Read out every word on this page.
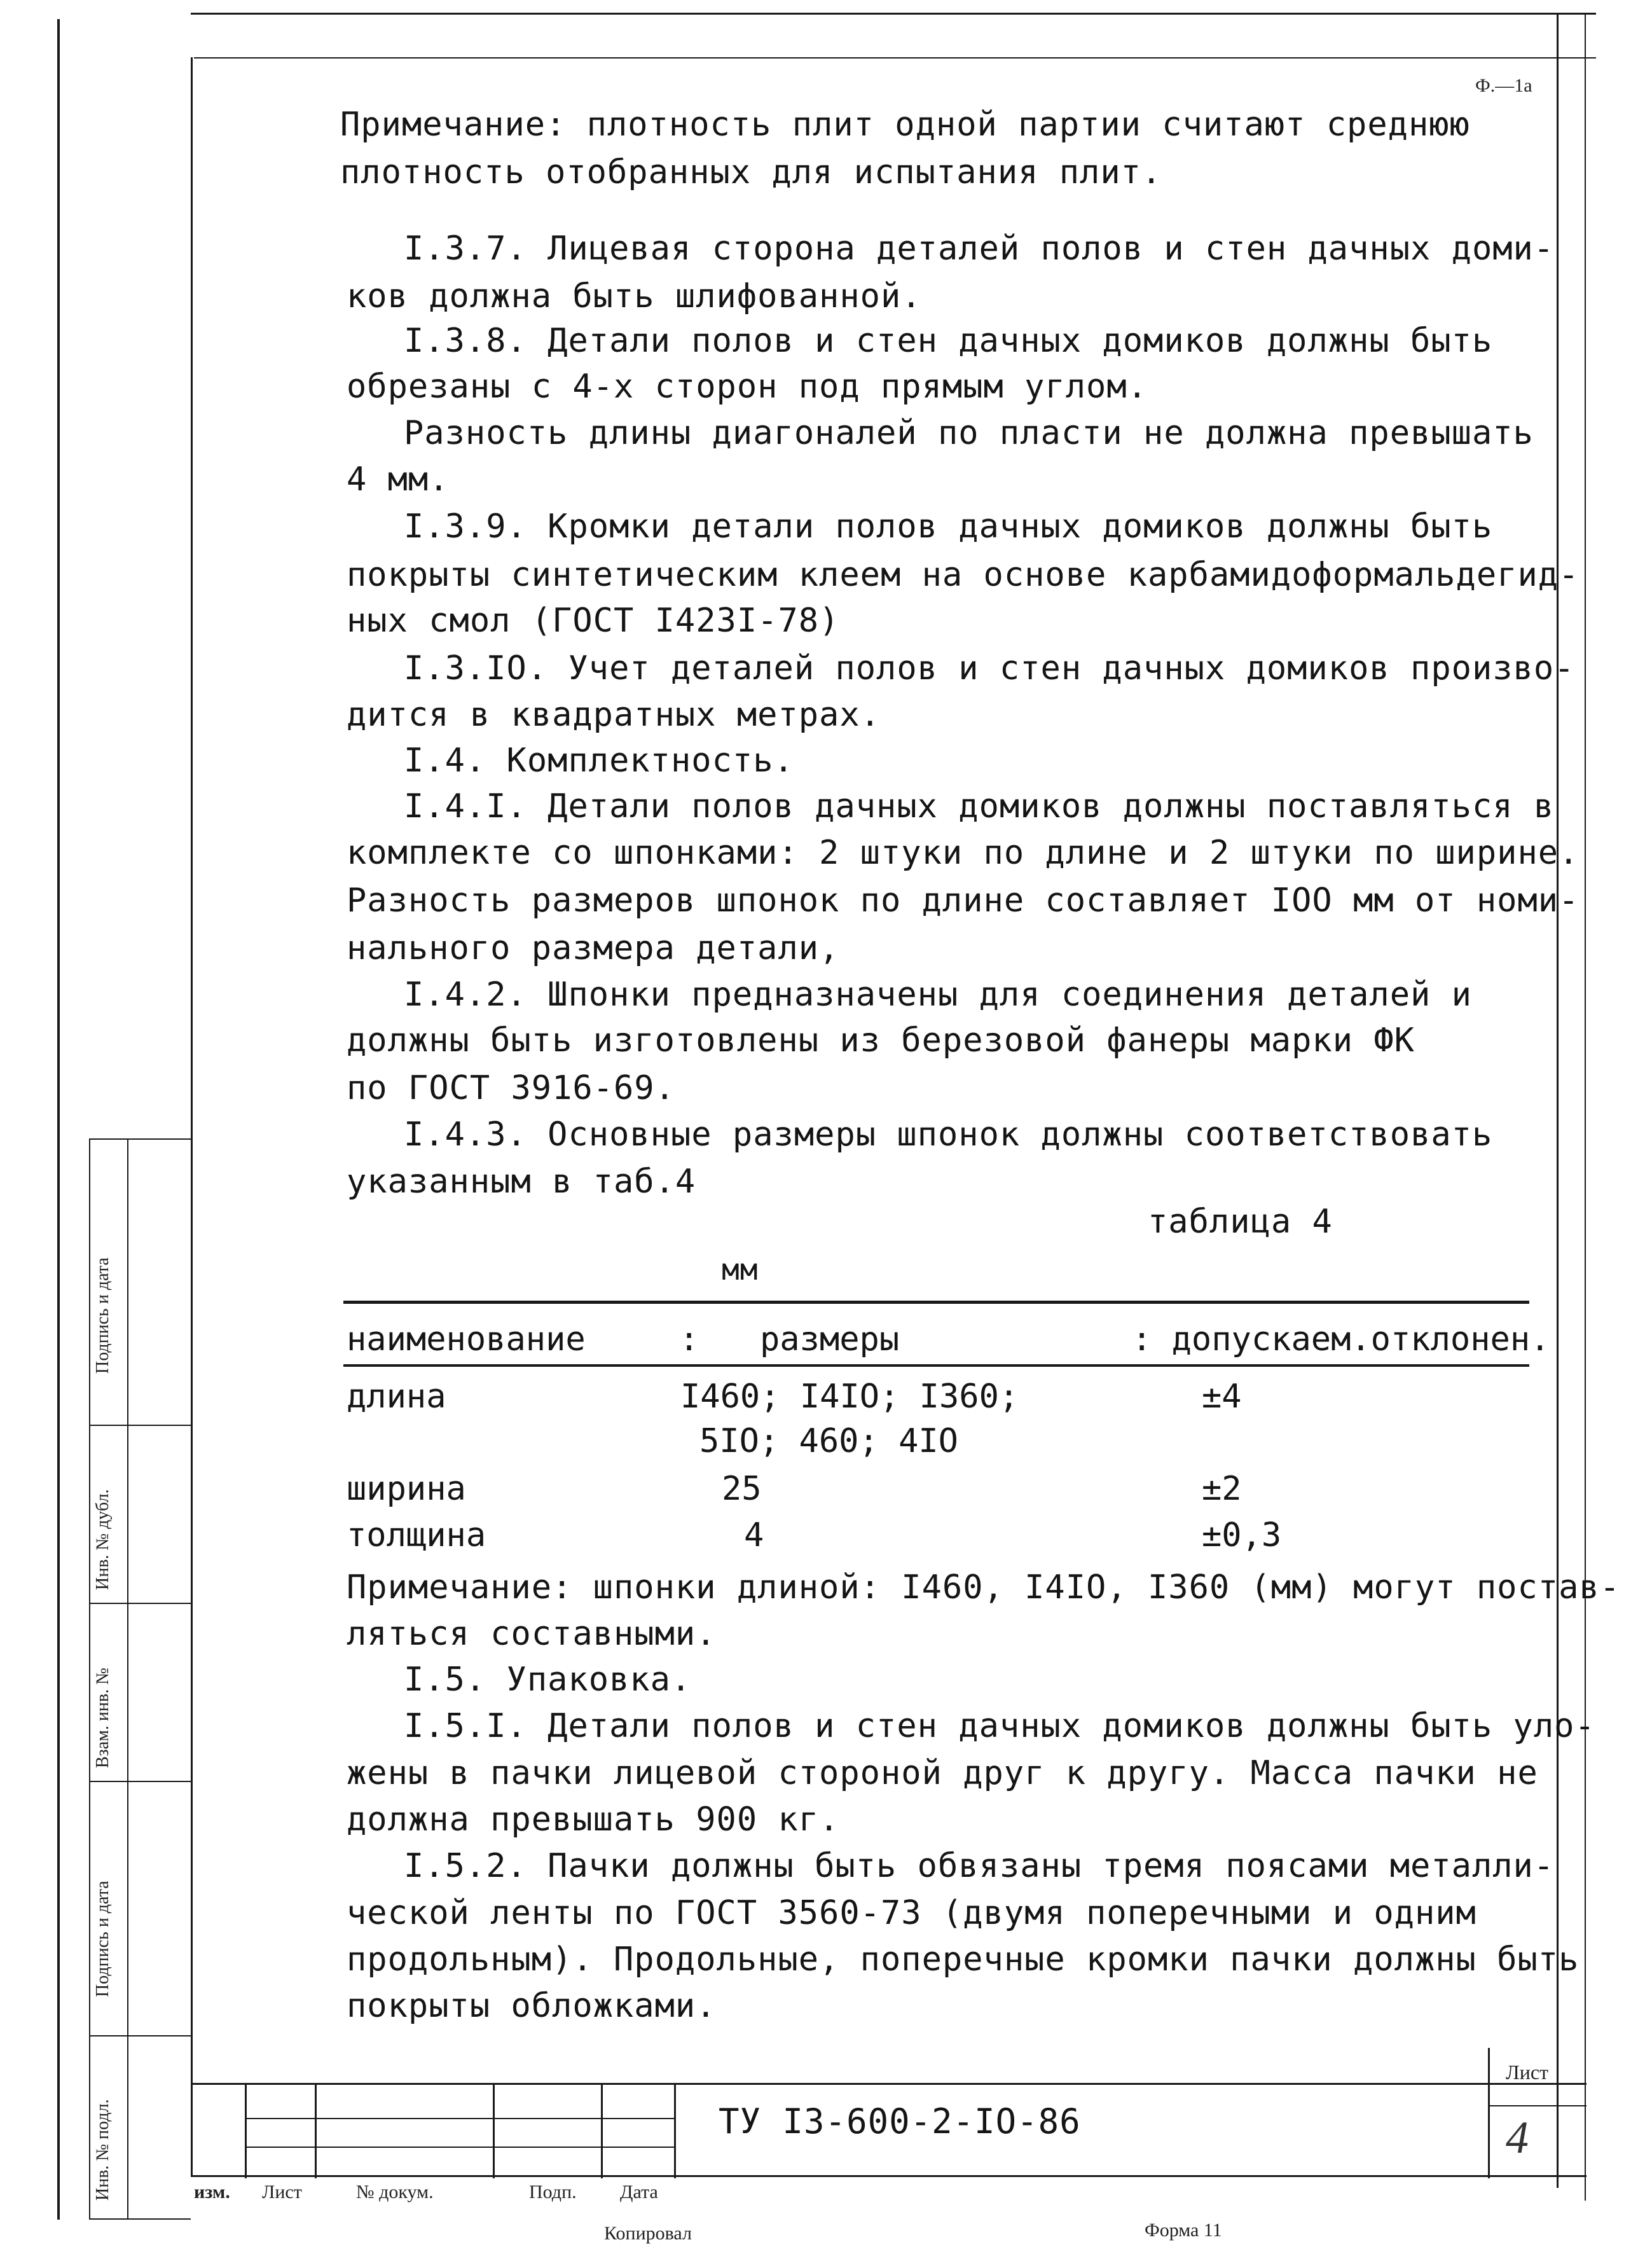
Ф.—1а
Примечание: плотность плит одной партии считают среднюю
плотность отобранных для испытания плит.
I.3.7. Лицевая сторона деталей полов и стен дачных доми-
ков должна быть шлифованной.
I.3.8. Детали полов и стен дачных домиков должны быть
обрезаны с 4-х сторон под прямым углом.
Разность длины диагоналей по пласти не должна превышать
4 мм.
I.3.9. Кромки детали полов дачных домиков должны быть
покрыты синтетическим клеем на основе карбамидоформальдегид-
ных смол (ГОСТ I423I-78)
I.3.IO. Учет деталей полов и стен дачных домиков произво-
дится в квадратных метрах.
I.4. Комплектность.
I.4.I. Детали полов дачных домиков должны поставляться в
комплекте со шпонками: 2 штуки по длине и 2 штуки по ширине.
Разность размеров шпонок по длине составляет IOO мм от номи-
нального размера детали,
I.4.2. Шпонки предназначены для соединения деталей и
должны быть изготовлены из березовой фанеры марки ФК
по ГОСТ 3916-69.
I.4.3. Основные размеры шпонок должны соответствовать
указанным в таб.4
таблица 4
мм
наименование	: размеры	: допускаем.отклонен.
длина	I460; I4IO; I360;	±4
5IO; 460; 4IO
ширина	25	±2
толщина	4	±0,3
Примечание: шпонки длиной: I460, I4IO, I360 (мм) могут постав-
ляться составными.
I.5. Упаковка.
I.5.I. Детали полов и стен дачных домиков должны быть уло-
жены в пачки лицевой стороной друг к другу. Масса пачки не
должна превышать 900 кг.
I.5.2. Пачки должны быть обвязаны тремя поясами металли-
ческой ленты по ГОСТ 3560-73 (двумя поперечными и одним
продольным). Продольные, поперечные кромки пачки должны быть
покрыты обложками.
Подпись и дата
Инв. № дубл.
Взам. инв. №
Подпись и дата
Инв. № подл.	ТУ I3-600-2-IO-86
Лист
4
изм. Лист	№ докум.	Подп. Дата
Копировал	Форма 11
